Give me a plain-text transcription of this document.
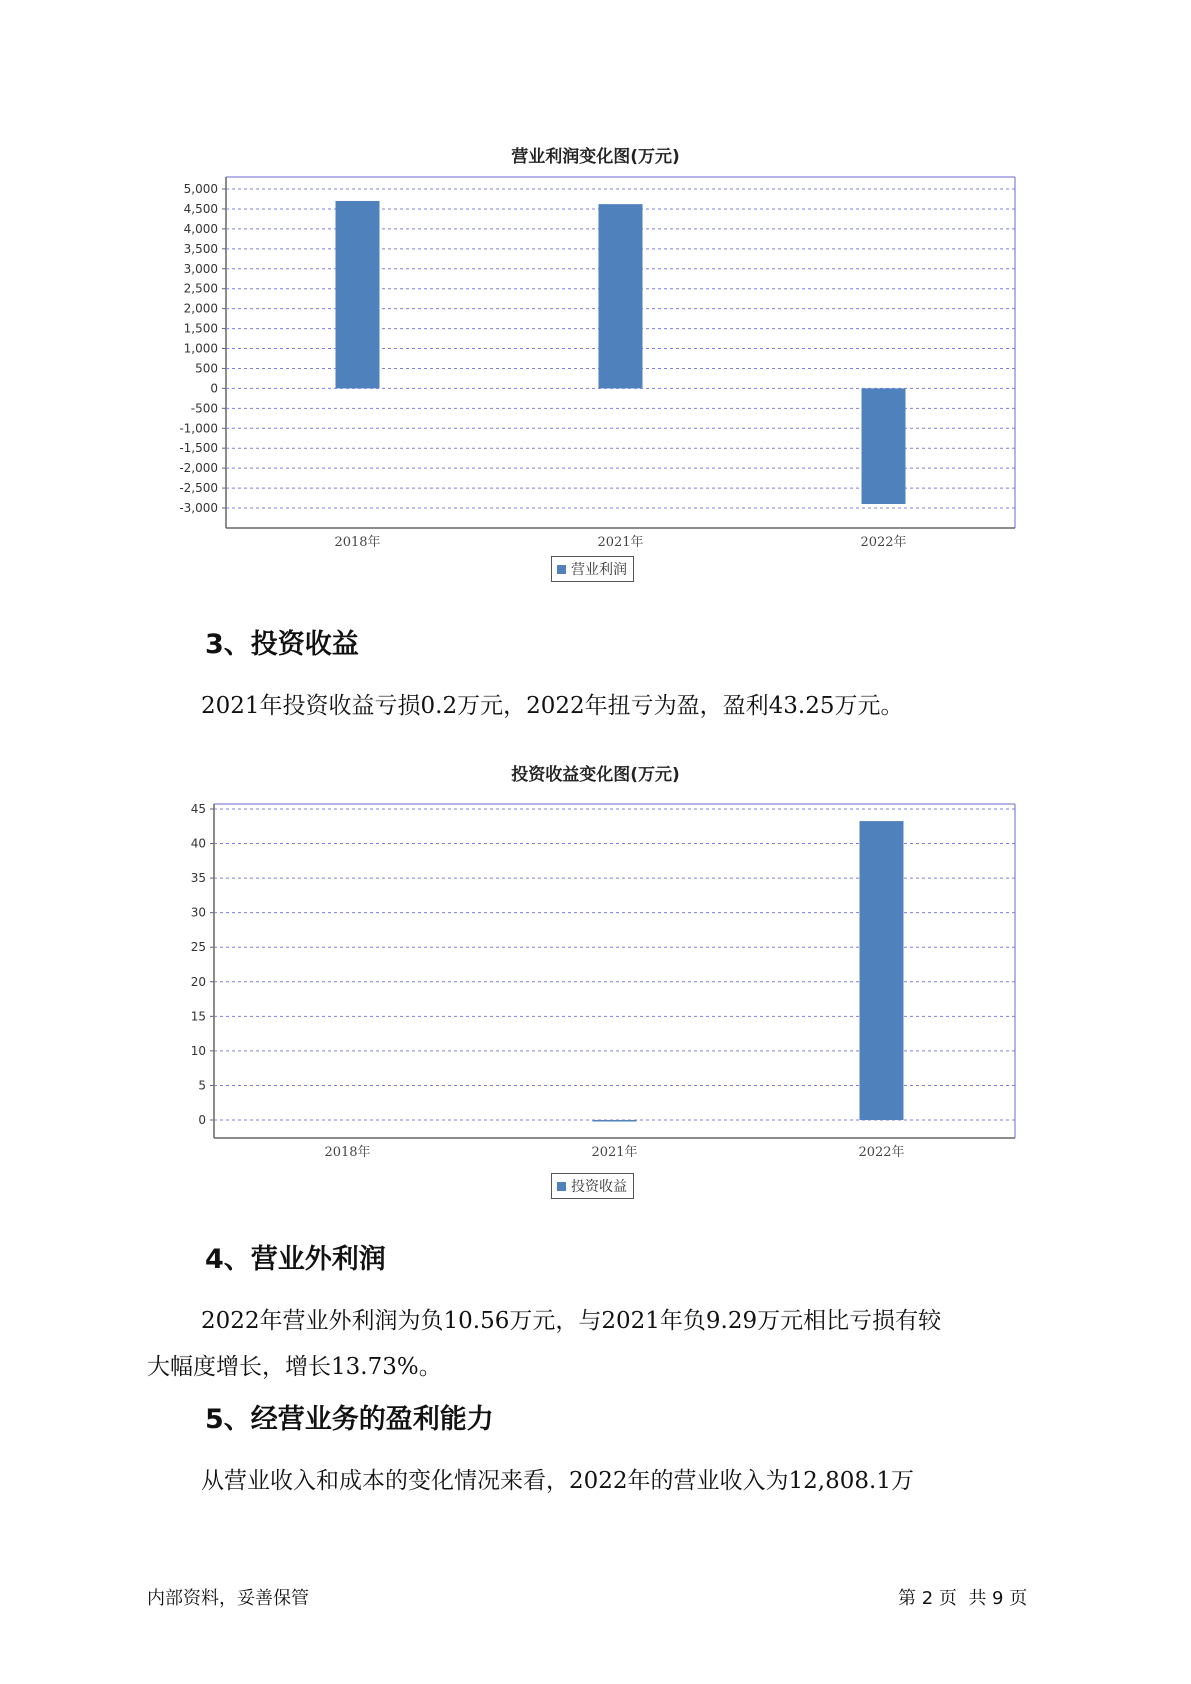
营业利润变化图(万元)
5,000
4,500
4,000
3,500
3,000
2,500
2,000
1,500
1,000
500
0
-500
-1,000
-1,500
-2,000
-2,500
-3,000
2018年	2021年	2022年
营业利润
3、投资收益

2021年投资收益亏损0.2万元，2022年扭亏为盈，盈利43.25万元。

投资收益变化图(万元)
45
40
35
30
25
20
15
10
5
0
2018年	2021年	2022年
投资收益
4、营业外利润

2022年营业外利润为负10.56万元，与2021年负9.29万元相比亏损有较

大幅度增长，增长13.73%。

5、经营业务的盈利能力

从营业收入和成本的变化情况来看，2022年的营业收入为12,808.1万

内部资料，妥善保管	第 2 页  共 9 页
